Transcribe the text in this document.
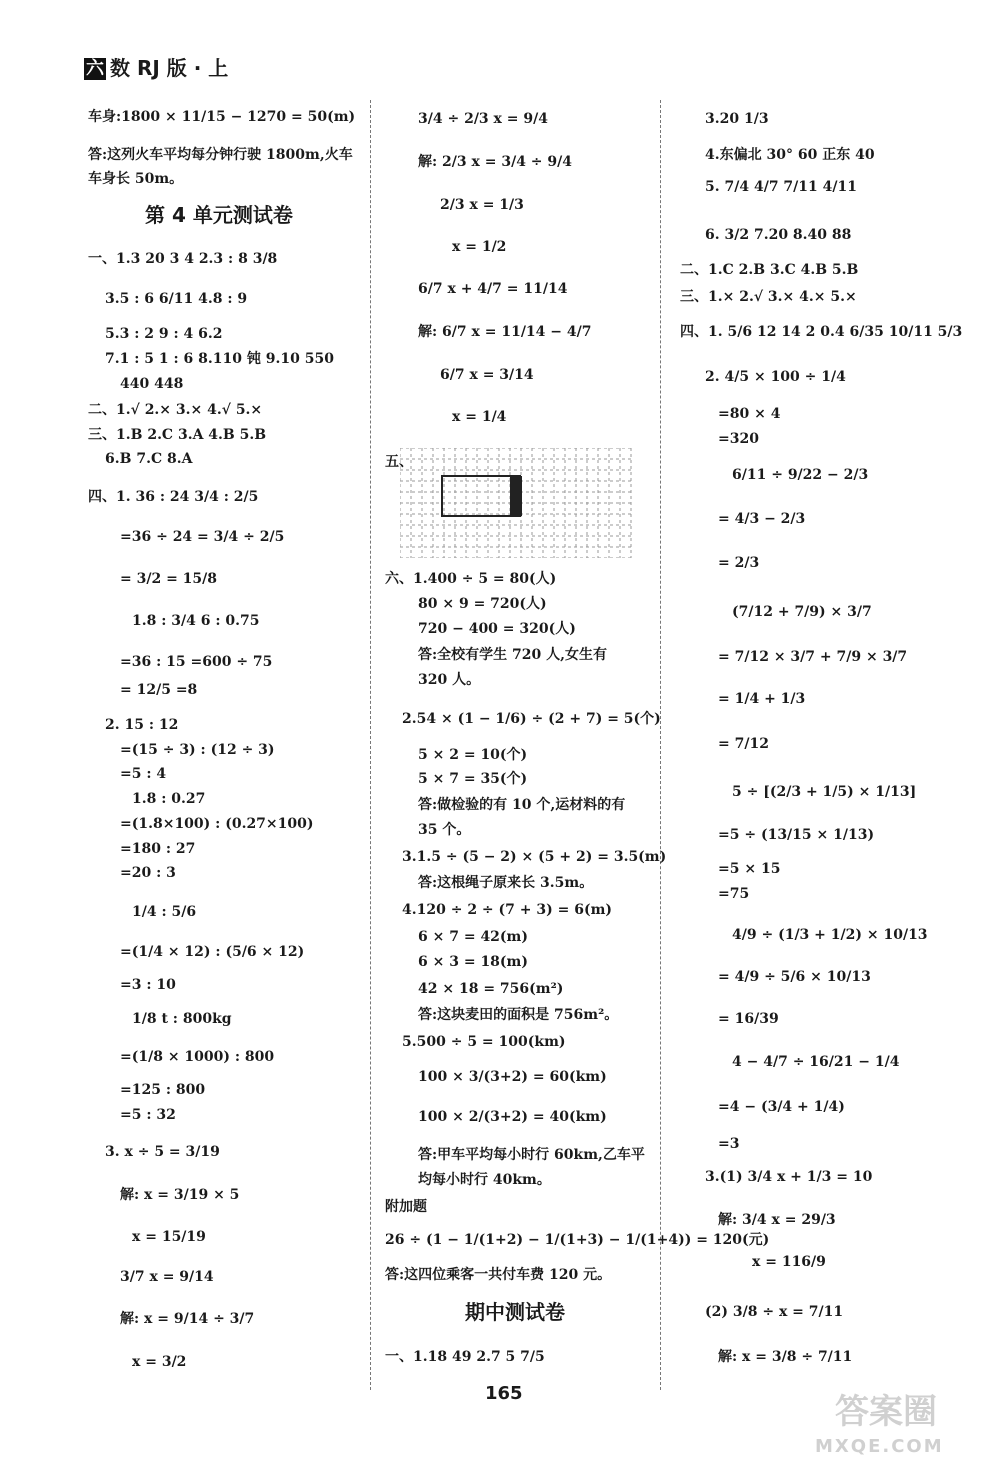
六 数 RJ 版 · 上
车身:1800 × 11/15 − 1270 = 50(m)
答:这列火车平均每分钟行驶 1800m,火车
车身长 50m。
第 4 单元测试卷
一、1.3 20 3 4 2.3 : 8 3/8
3.5 : 6 6/11 4.8 : 9
5.3 : 2 9 : 4 6.2
7.1 : 5 1 : 6 8.110 钝 9.10 550
440 448
二、1.√ 2.× 3.× 4.√ 5.×
三、1.B 2.C 3.A 4.B 5.B
6.B 7.C 8.A
四、1. 36 : 24 3/4 : 2/5
=36 ÷ 24 = 3/4 ÷ 2/5
= 3/2 = 15/8
1.8 : 3/4 6 : 0.75
=36 : 15 =600 ÷ 75
= 12/5 =8
2. 15 : 12
=(15 ÷ 3) : (12 ÷ 3)
=5 : 4
1.8 : 0.27
=(1.8×100) : (0.27×100)
=180 : 27
=20 : 3
1/4 : 5/6
=(1/4 × 12) : (5/6 × 12)
=3 : 10
1/8 t : 800kg
=(1/8 × 1000) : 800
=125 : 800
=5 : 32
3. x ÷ 5 = 3/19
解: x = 3/19 × 5
x = 15/19
3/7 x = 9/14
解: x = 9/14 ÷ 3/7
x = 3/2
3/4 ÷ 2/3 x = 9/4
解: 2/3 x = 3/4 ÷ 9/4
2/3 x = 1/3
x = 1/2
6/7 x + 4/7 = 11/14
解: 6/7 x = 11/14 − 4/7
6/7 x = 3/14
x = 1/4
五、
六、1.400 ÷ 5 = 80(人)
80 × 9 = 720(人)
720 − 400 = 320(人)
答:全校有学生 720 人,女生有
320 人。
2.54 × (1 − 1/6) ÷ (2 + 7) = 5(个)
5 × 2 = 10(个)
5 × 7 = 35(个)
答:做检验的有 10 个,运材料的有
35 个。
3.1.5 ÷ (5 − 2) × (5 + 2) = 3.5(m)
答:这根绳子原来长 3.5m。
4.120 ÷ 2 ÷ (7 + 3) = 6(m)
6 × 7 = 42(m)
6 × 3 = 18(m)
42 × 18 = 756(m²)
答:这块麦田的面积是 756m²。
5.500 ÷ 5 = 100(km)
100 × 3/(3+2) = 60(km)
100 × 2/(3+2) = 40(km)
答:甲车平均每小时行 60km,乙车平
均每小时行 40km。
附加题
26 ÷ (1 − 1/(1+2) − 1/(1+3) − 1/(1+4)) = 120(元)
答:这四位乘客一共付车费 120 元。
期中测试卷
一、1.18 49 2.7 5 7/5
3.20 1/3
4.东偏北 30° 60 正东 40
5. 7/4 4/7 7/11 4/11
6. 3/2 7.20 8.40 88
二、1.C 2.B 3.C 4.B 5.B
三、1.× 2.√ 3.× 4.× 5.×
四、1. 5/6 12 14 2 0.4 6/35 10/11 5/3
2. 4/5 × 100 ÷ 1/4
=80 × 4
=320
6/11 ÷ 9/22 − 2/3
= 4/3 − 2/3
= 2/3
(7/12 + 7/9) × 3/7
= 7/12 × 3/7 + 7/9 × 3/7
= 1/4 + 1/3
= 7/12
5 ÷ [(2/3 + 1/5) × 1/13]
=5 ÷ (13/15 × 1/13)
=5 × 15
=75
4/9 ÷ (1/3 + 1/2) × 10/13
= 4/9 ÷ 5/6 × 10/13
= 16/39
4 − 4/7 ÷ 16/21 − 1/4
=4 − (3/4 + 1/4)
=3
3.(1) 3/4 x + 1/3 = 10
解: 3/4 x = 29/3
x = 116/9
(2) 3/8 ÷ x = 7/11
解: x = 3/8 ÷ 7/11
165	答案圈
MXQE.COM
